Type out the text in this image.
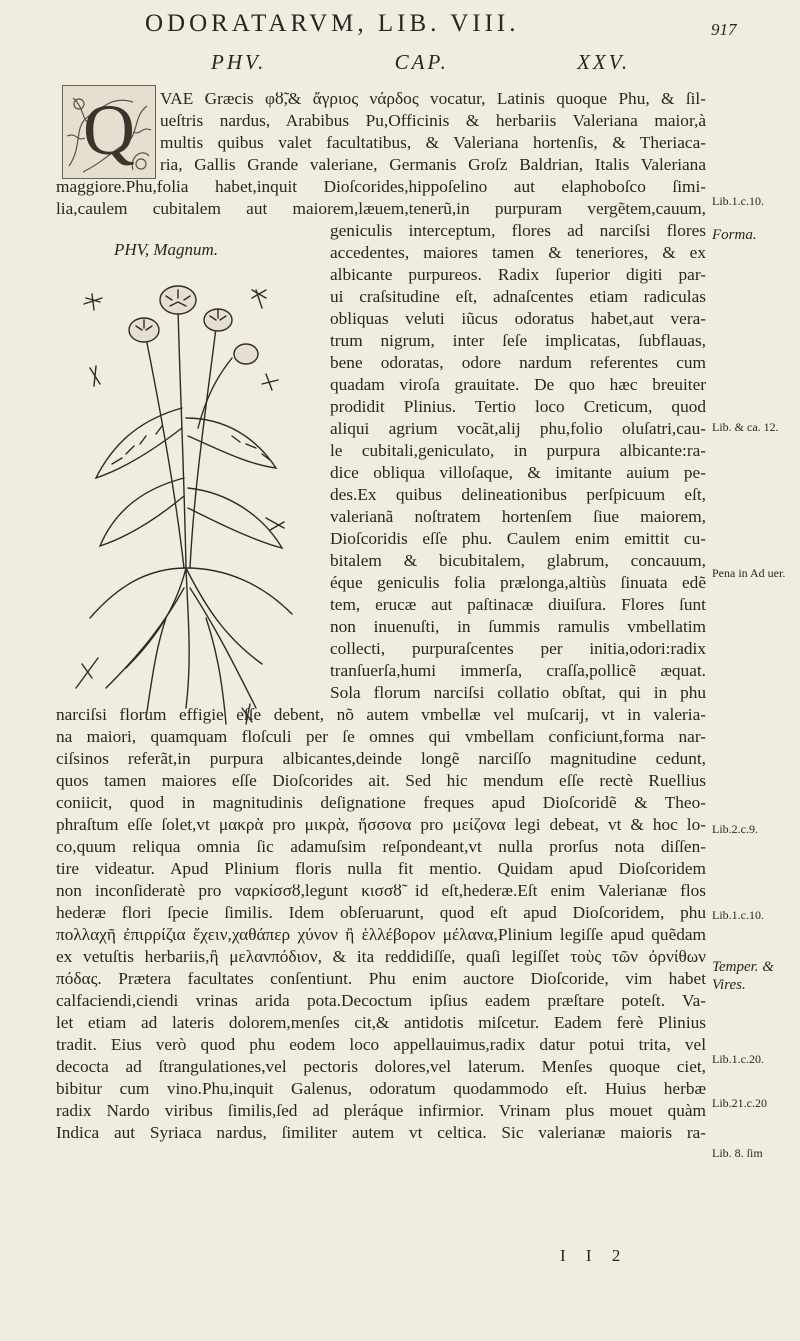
ODORATARVM, LIB. VIII.	917
PHV. CAP. XXV.
Q	VAE Græcis φȣ̃,& ἄγριος νάρδος vocatur, Latinis quoque Phu, & ſil-
ueſtris nardus, Arabibus Pu,Officinis & herbariis Valeriana maior,à
multis quibus valet facultatibus, & Valeriana hortenſis, & Theriaca-
ria, Gallis Grande valeriane, Germanis Groſz Baldrian, Italis Valeriana
maggiore.Phu,folia habet,inquit Dioſcorides,hippoſelino aut elaphoboſco ſimi-
lia,caulem cubitalem aut maiorem,læuem,tenerũ,in purpuram vergẽtem,cauum,
geniculis interceptum, flores ad narciſsi flores
accedentes, maiores tamen & teneriores, & ex
albicante purpureos. Radix ſuperior digiti par-
ui craſsitudine eſt, adnaſcentes etiam radiculas
obliquas veluti iũcus odoratus habet,aut vera-
trum nigrum, inter ſeſe implicatas, ſubflauas,
bene odoratas, odore nardum referentes cum
quadam viroſa grauitate. De quo hæc breuiter
prodidit Plinius. Tertio loco Creticum, quod
aliqui agrium vocãt,alij phu,folio oluſatri,cau-
le cubitali,geniculato, in purpura albicante:ra-
dice obliqua villoſaque, & imitante auium pe-
des.Ex quibus delineationibus perſpicuum eſt,
valerianã noſtratem hortenſem ſiue maiorem,
Dioſcoridis eſſe phu. Caulem enim emittit cu-
bitalem & bicubitalem, glabrum, concauum,
éque geniculis folia prælonga,altiùs ſinuata edẽ
tem, erucæ aut paſtinacæ diuiſura. Flores ſunt
non inuenuſti, in ſummis ramulis vmbellatim
collecti, purpuraſcentes per initia,odori:radix
tranſuerſa,humi immerſa, craſſa,pollicẽ æquat.
Sola florum narciſsi collatio obſtat, qui in phu
narciſsi florum effigie eſſe debent, nõ autem vmbellæ vel muſcarij, vt in valeria-
na maiori, quamquam floſculi per ſe omnes qui vmbellam conficiunt,forma nar-
ciſsinos referãt,in purpura albicantes,deinde longẽ narciſſo magnitudine cedunt,
quos tamen maiores eſſe Dioſcorides ait. Sed hic mendum eſſe rectè Ruellius
coniicit, quod in magnitudinis deſignatione freques apud Dioſcoridẽ & Theo-
phraſtum eſſe ſolet,vt μακρὰ pro μικρὰ, ἥσσονα pro μείζονα legi debeat, vt & hoc lo-
co,quum reliqua omnia ſic adamuſsim reſpondeant,vt nulla prorſus nota diſſen-
tire videatur. Apud Plinium floris nulla fit mentio. Quidam apud Dioſcoridem
non inconſideratè pro ναρκίσσȣ,legunt κισσȣ̃ id eſt,hederæ.Eſt enim Valerianæ flos
hederæ flori ſpecie ſimilis. Idem obſeruarunt, quod eſt apud Dioſcoridem, phu
πολλαχῆ ἐπιρρίζια ἔχειν,χαθάπερ χύνον ἢ ἑλλέβορον μέλανα,Plinium legiſſe apud quẽdam
ex vetuſtis herbariis,ἢ μελανπόδιον, & ita reddidiſſe, quaſi legiſſet τοὺς τῶν ὀρνίθων
πόδας. Prætera facultates conſentiunt. Phu enim auctore Dioſcoride, vim habet
calfaciendi,ciendi vrinas arida pota.Decoctum ipſius eadem præſtare poteſt. Va-
let etiam ad lateris dolorem,menſes cit,& antidotis miſcetur. Eadem ferè Plinius
tradit. Eius verò quod phu eodem loco appellauimus,radix datur potui trita, vel
decocta ad ſtrangulationes,vel pectoris dolores,vel laterum. Menſes quoque ciet,
bibitur cum vino.Phu,inquit Galenus, odoratum quodammodo eſt. Huius herbæ
radix Nardo viribus ſimilis,ſed ad pleráque infirmior. Vrinam plus mouet quàm
Indica aut Syriaca nardus, ſimiliter autem vt celtica. Sic valerianæ maioris ra-
PHV, Magnum.
Lib.1.c.10.
Forma.
Lib. & ca. 12.
Pena in Ad uer.
Lib.2.c.9.
Lib.1.c.10.
Temper. & Vires.
Lib.1.c.20.
Lib.21.c.20
Lib. 8. ſim
I I 2
